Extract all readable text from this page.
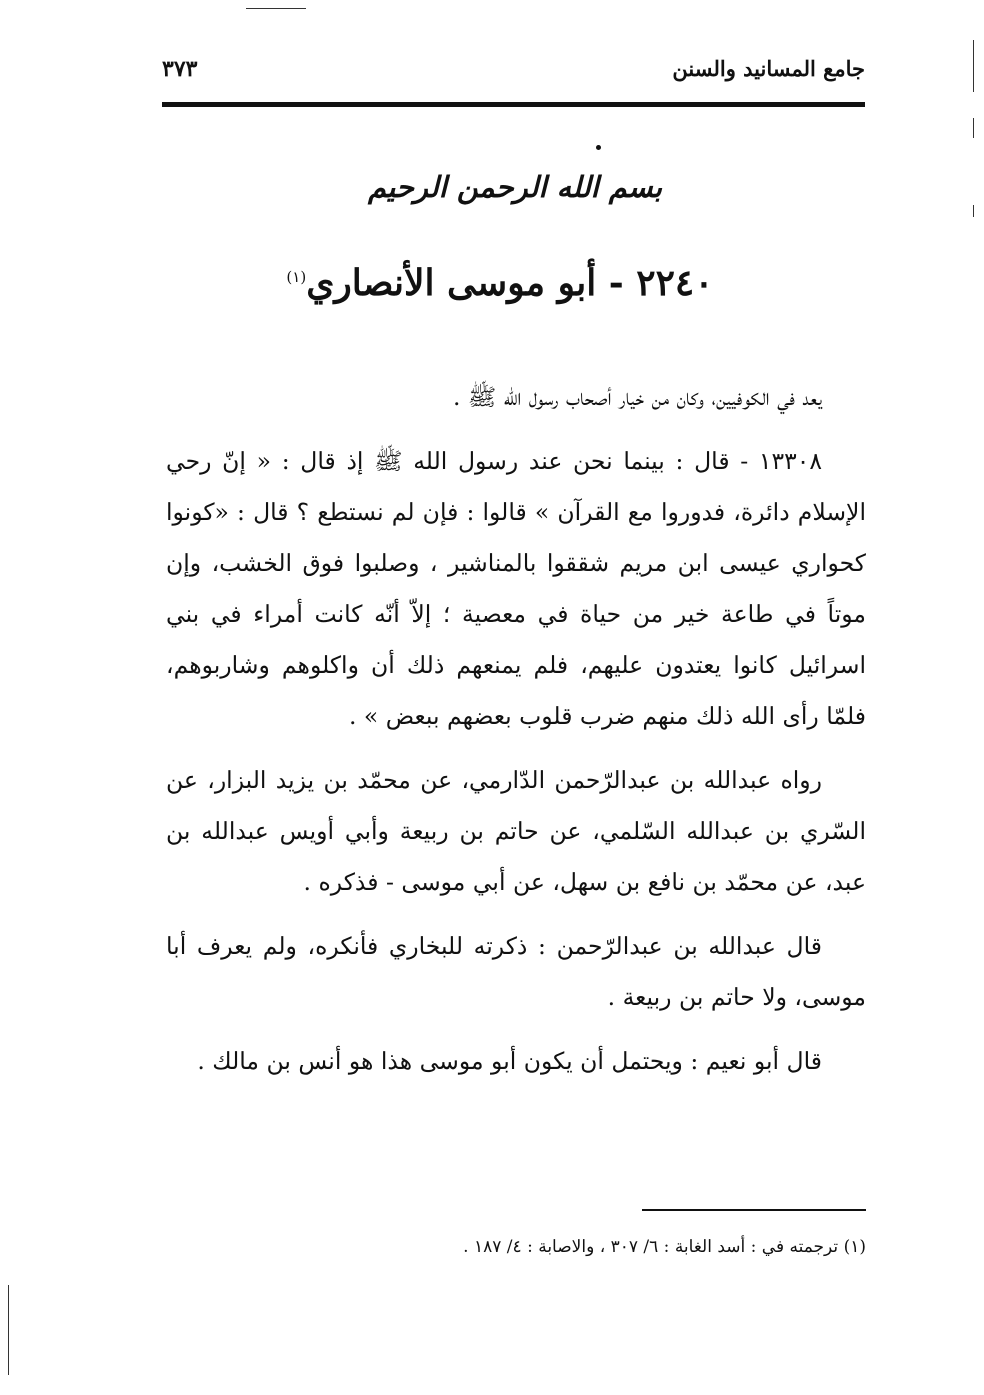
جامع المسانيد والسنن
٣٧٣
بسم الله الرحمن الرحيم
٢٢٤٠ - أبو موسى الأنصاري$^{(١)}$

يعد في الكوفيين، وكان من خيار أصحاب رسول الله ﷺ .

١٣٣٠٨ - قال : بينما نحن عند رسول الله ﷺ إذ قال : « إنّ رحي الإسلام دائرة، فدوروا مع القرآن » قالوا : فإن لم نستطع ؟ قال : «كونوا كحواري عيسى ابن مريم شققوا بالمناشير ، وصلبوا فوق الخشب، وإن موتاً في طاعة خير من حياة في معصية ؛ إلاّ أنّه كانت أمراء في بني اسرائيل كانوا يعتدون عليهم، فلم يمنعهم ذلك أن واكلوهم وشاربوهم، فلمّا رأى الله ذلك منهم ضرب قلوب بعضهم ببعض » .

رواه عبدالله بن عبدالرّحمن الدّارمي، عن محمّد بن يزيد البزار، عن السّري بن عبدالله السّلمي، عن حاتم بن ربيعة وأبي أويس عبدالله بن عبد، عن محمّد بن نافع بن سهل، عن أبي موسى - فذكره .

قال عبدالله بن عبدالرّحمن : ذكرته للبخاري فأنكره، ولم يعرف أبا موسى، ولا حاتم بن ربيعة .

قال أبو نعيم : ويحتمل أن يكون أبو موسى هذا هو أنس بن مالك .

(١) ترجمته في : أسد الغابة : ٦/ ٣٠٧ ، والاصابة : ٤/ ١٨٧ .
